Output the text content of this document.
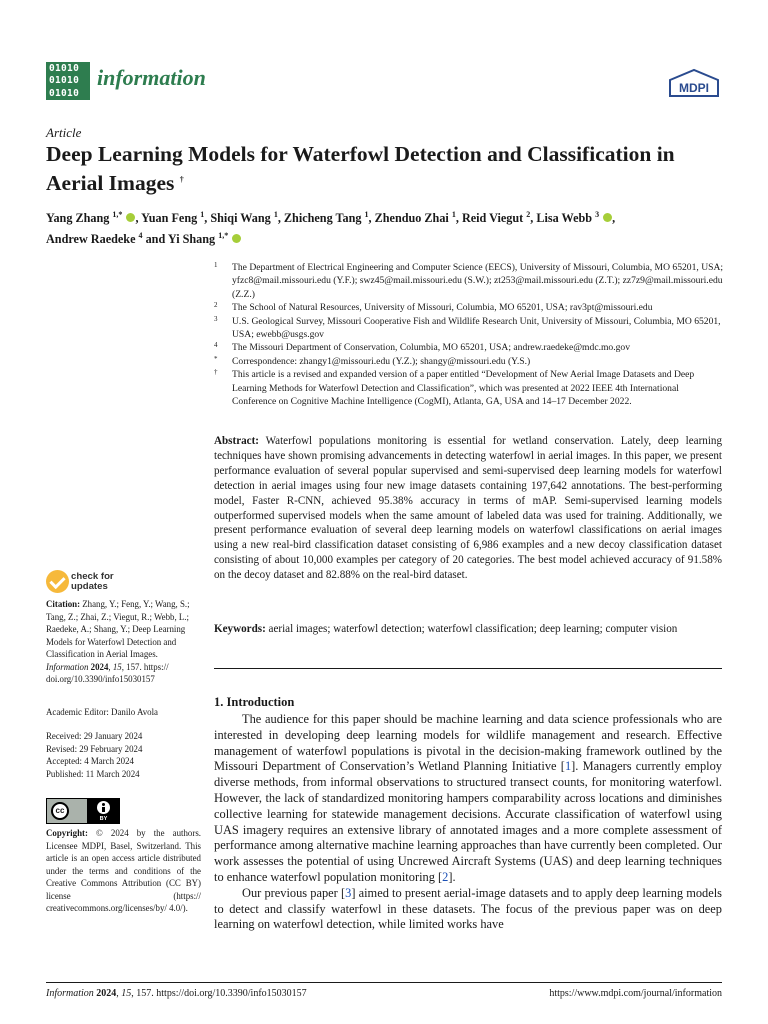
01010
01010
01010
information	MDPI
Article
Deep Learning Models for Waterfowl Detection and Classification in Aerial Images †
Yang Zhang $^{1,*}$ , Yuan Feng $^1$, Shiqi Wang $^1$, Zhicheng Tang $^1$, Zhenduo Zhai $^1$, Reid Viegut $^2$, Lisa Webb $^3$ ,
Andrew Raedeke $^4$ and Yi Shang $^{1,*}$
1 The Department of Electrical Engineering and Computer Science (EECS), University of Missouri, Columbia, MO 65201, USA; yfzc8@mail.missouri.edu (Y.F.); swz45@mail.missouri.edu (S.W.); zt253@mail.missouri.edu (Z.T.); zz7z9@mail.missouri.edu (Z.Z.)
2 The School of Natural Resources, University of Missouri, Columbia, MO 65201, USA; rav3pt@missouri.edu
3 U.S. Geological Survey, Missouri Cooperative Fish and Wildlife Research Unit, University of Missouri, Columbia, MO 65201, USA; ewebb@usgs.gov
4 The Missouri Department of Conservation, Columbia, MO 65201, USA; andrew.raedeke@mdc.mo.gov
* Correspondence: zhangy1@missouri.edu (Y.Z.); shangy@missouri.edu (Y.S.)
† This article is a revised and expanded version of a paper entitled “Development of New Aerial Image Datasets and Deep Learning Methods for Waterfowl Detection and Classification”, which was presented at 2022 IEEE 4th International Conference on Cognitive Machine Intelligence (CogMI), Atlanta, GA, USA and 14–17 December 2022.
Abstract: Waterfowl populations monitoring is essential for wetland conservation. Lately, deep learning techniques have shown promising advancements in detecting waterfowl in aerial images. In this paper, we present performance evaluation of several popular supervised and semi-supervised deep learning models for waterfowl detection in aerial images using four new image datasets containing 197,642 annotations. The best-performing model, Faster R-CNN, achieved 95.38% accuracy in terms of mAP. Semi-supervised learning models outperformed supervised models when the same amount of labeled data was used for training. Additionally, we present performance evaluation of several deep learning models on waterfowl classifications on aerial images using a new real-bird classification dataset consisting of 6,986 examples and a new decoy classification dataset consisting of about 10,000 examples per category of 20 categories. The best model achieved accuracy of 91.58% on the decoy dataset and 82.88% on the real-bird dataset.
Keywords: aerial images; waterfowl detection; waterfowl classification; deep learning; computer vision
check for
updates
Citation: Zhang, Y.; Feng, Y.; Wang, S.; Tang, Z.; Zhai, Z.; Viegut, R.; Webb, L.; Raedeke, A.; Shang, Y.; Deep Learning Models for Waterfowl Detection and Classification in Aerial Images. Information 2024, 15, 157. https:// doi.org/10.3390/info15030157
Academic Editor: Danilo Avola
Received: 29 January 2024
Revised: 29 February 2024
Accepted: 4 March 2024
Published: 11 March 2024
cc
BY
Copyright: © 2024 by the authors. Licensee MDPI, Basel, Switzerland. This article is an open access article distributed under the terms and conditions of the Creative Commons Attribution (CC BY) license (https:// creativecommons.org/licenses/by/ 4.0/).
1. Introduction

The audience for this paper should be machine learning and data science professionals who are interested in developing deep learning models for wildlife management and research. Effective management of waterfowl populations is pivotal in the decision-making framework outlined by the Missouri Department of Conservation’s Wetland Planning Initiative [1]. Managers currently employ diverse methods, from informal observations to structured transect counts, for monitoring waterfowl. However, the lack of standardized monitoring hampers comparability across locations and diminishes collective learning for statewide management decisions. Accurate classification of waterfowl using UAS imagery requires an extensive library of annotated images and a more complete assessment of performance among alternative machine learning approaches than have currently been completed. Our work assesses the potential of using Uncrewed Aircraft Systems (UAS) and deep learning techniques to enhance waterfowl population monitoring [2].

Our previous paper [3] aimed to present aerial-image datasets and to apply deep learning models to detect and classify waterfowl in these datasets. The focus of the previous paper was on deep learning on waterfowl detection, while limited works have

Information 2024, 15, 157. https://doi.org/10.3390/info15030157	https://www.mdpi.com/journal/information
